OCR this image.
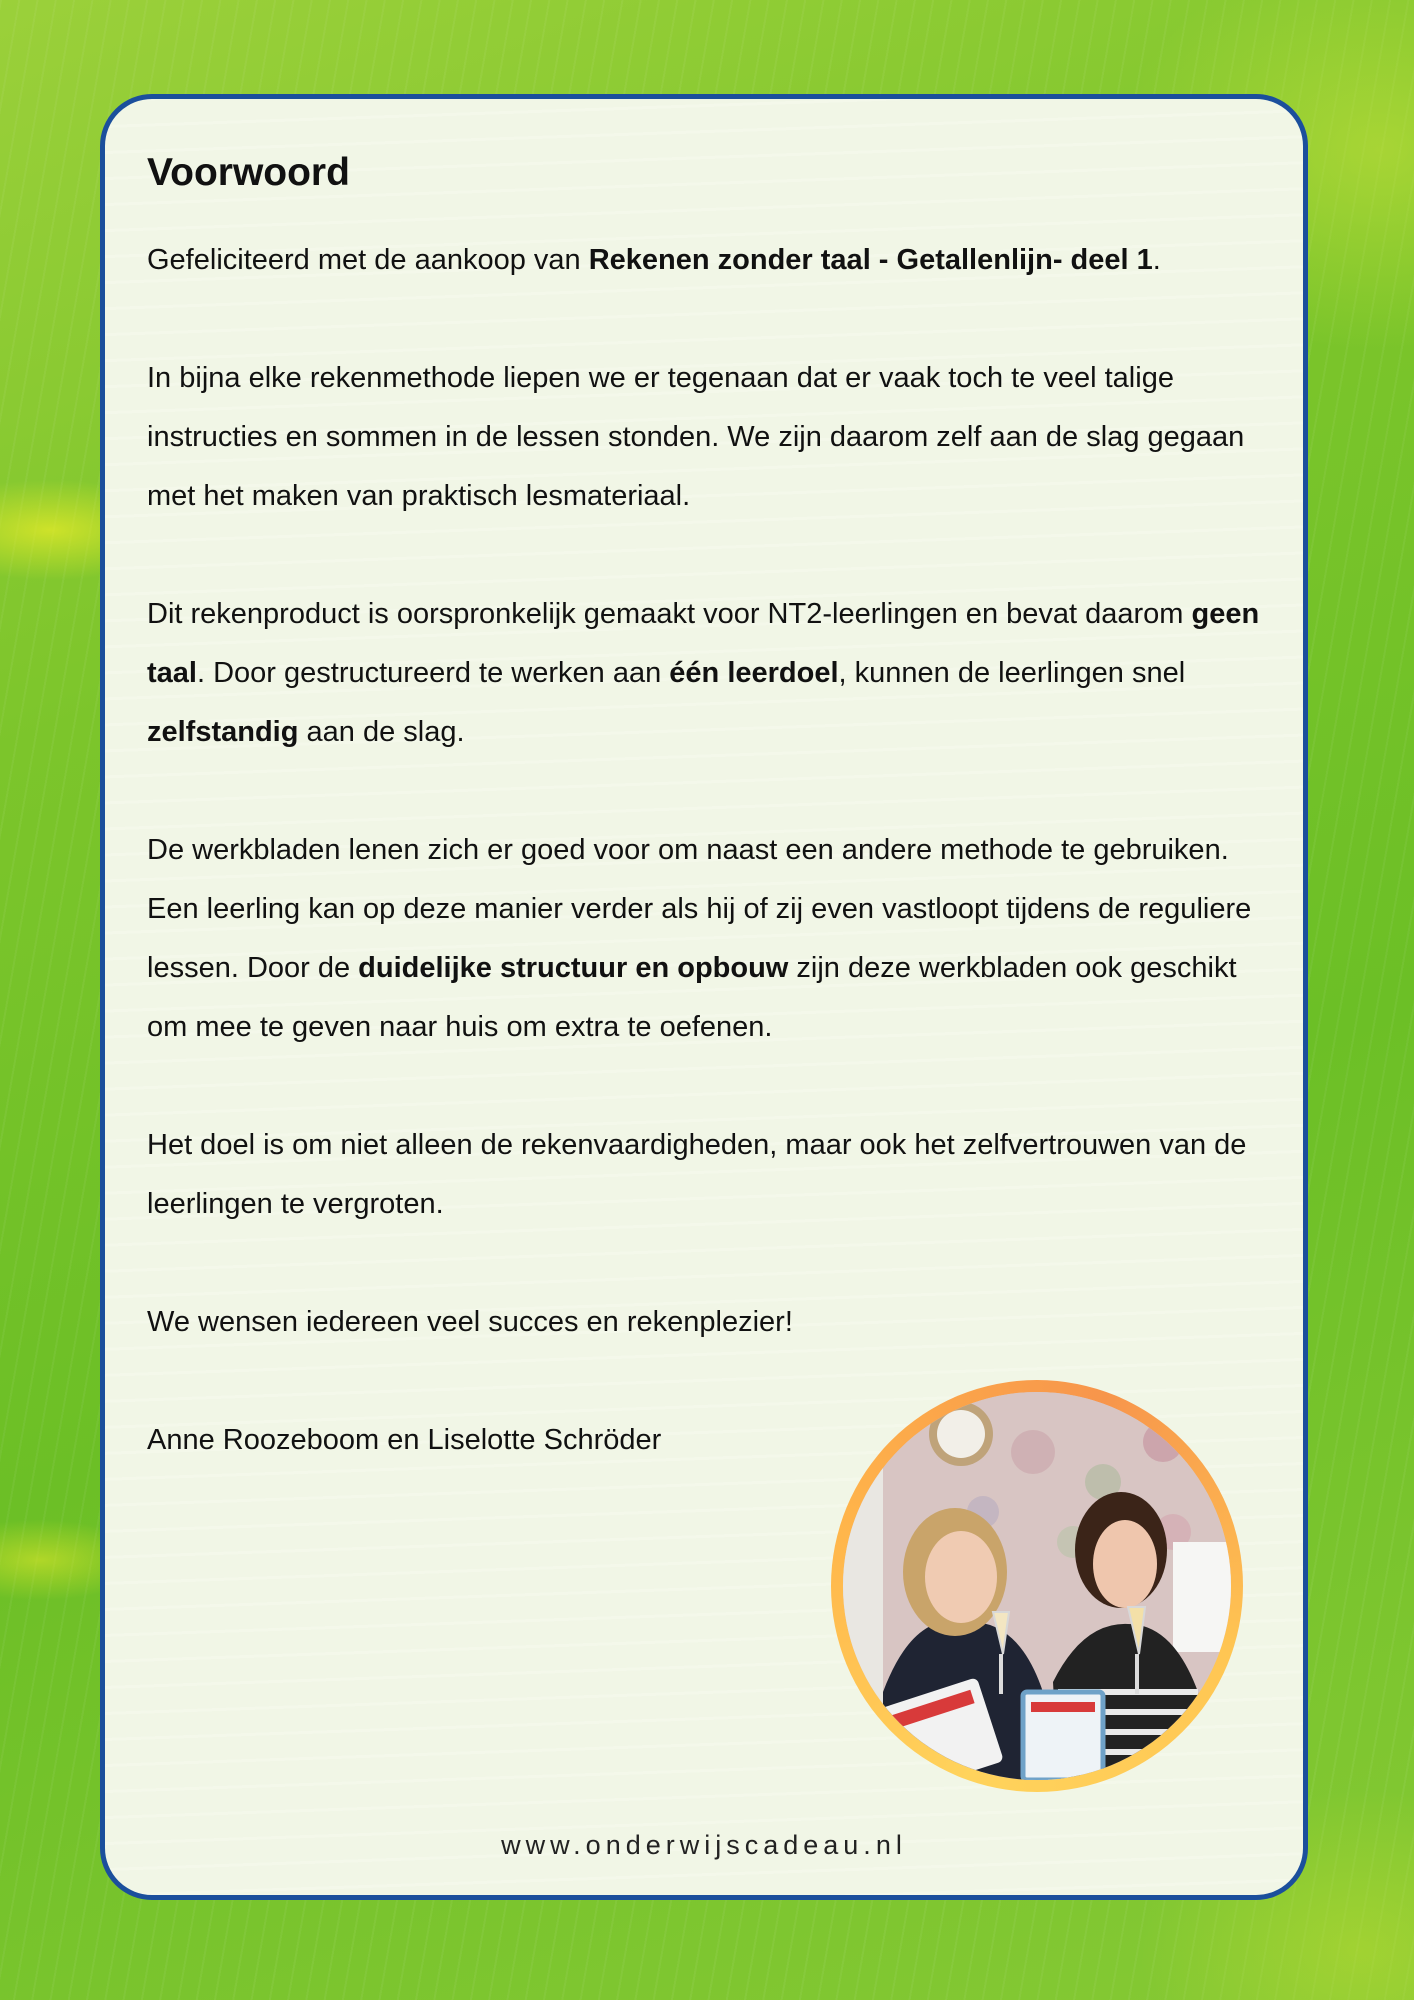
Voorwoord

Gefeliciteerd met de aankoop van Rekenen zonder taal - Getallenlijn- deel 1.

In bijna elke rekenmethode liepen we er tegenaan dat er vaak toch te veel talige instructies en sommen in de lessen stonden. We zijn daarom zelf aan de slag gegaan met het maken van praktisch lesmateriaal.

Dit rekenproduct is oorspronkelijk gemaakt voor NT2-leerlingen en bevat daarom geen taal. Door gestructureerd te werken aan één leerdoel, kunnen de leerlingen snel zelfstandig aan de slag.

De werkbladen lenen zich er goed voor om naast een andere methode te gebruiken. Een leerling kan op deze manier verder als hij of zij even vastloopt tijdens de reguliere lessen. Door de duidelijke structuur en opbouw zijn deze werkbladen ook geschikt om mee te geven naar huis om extra te oefenen.

Het doel is om niet alleen de rekenvaardigheden, maar ook het zelfvertrouwen van de leerlingen te vergroten.

We wensen iedereen veel succes en rekenplezier!

Anne Roozeboom en Liselotte Schröder

www.onderwijscadeau.nl
